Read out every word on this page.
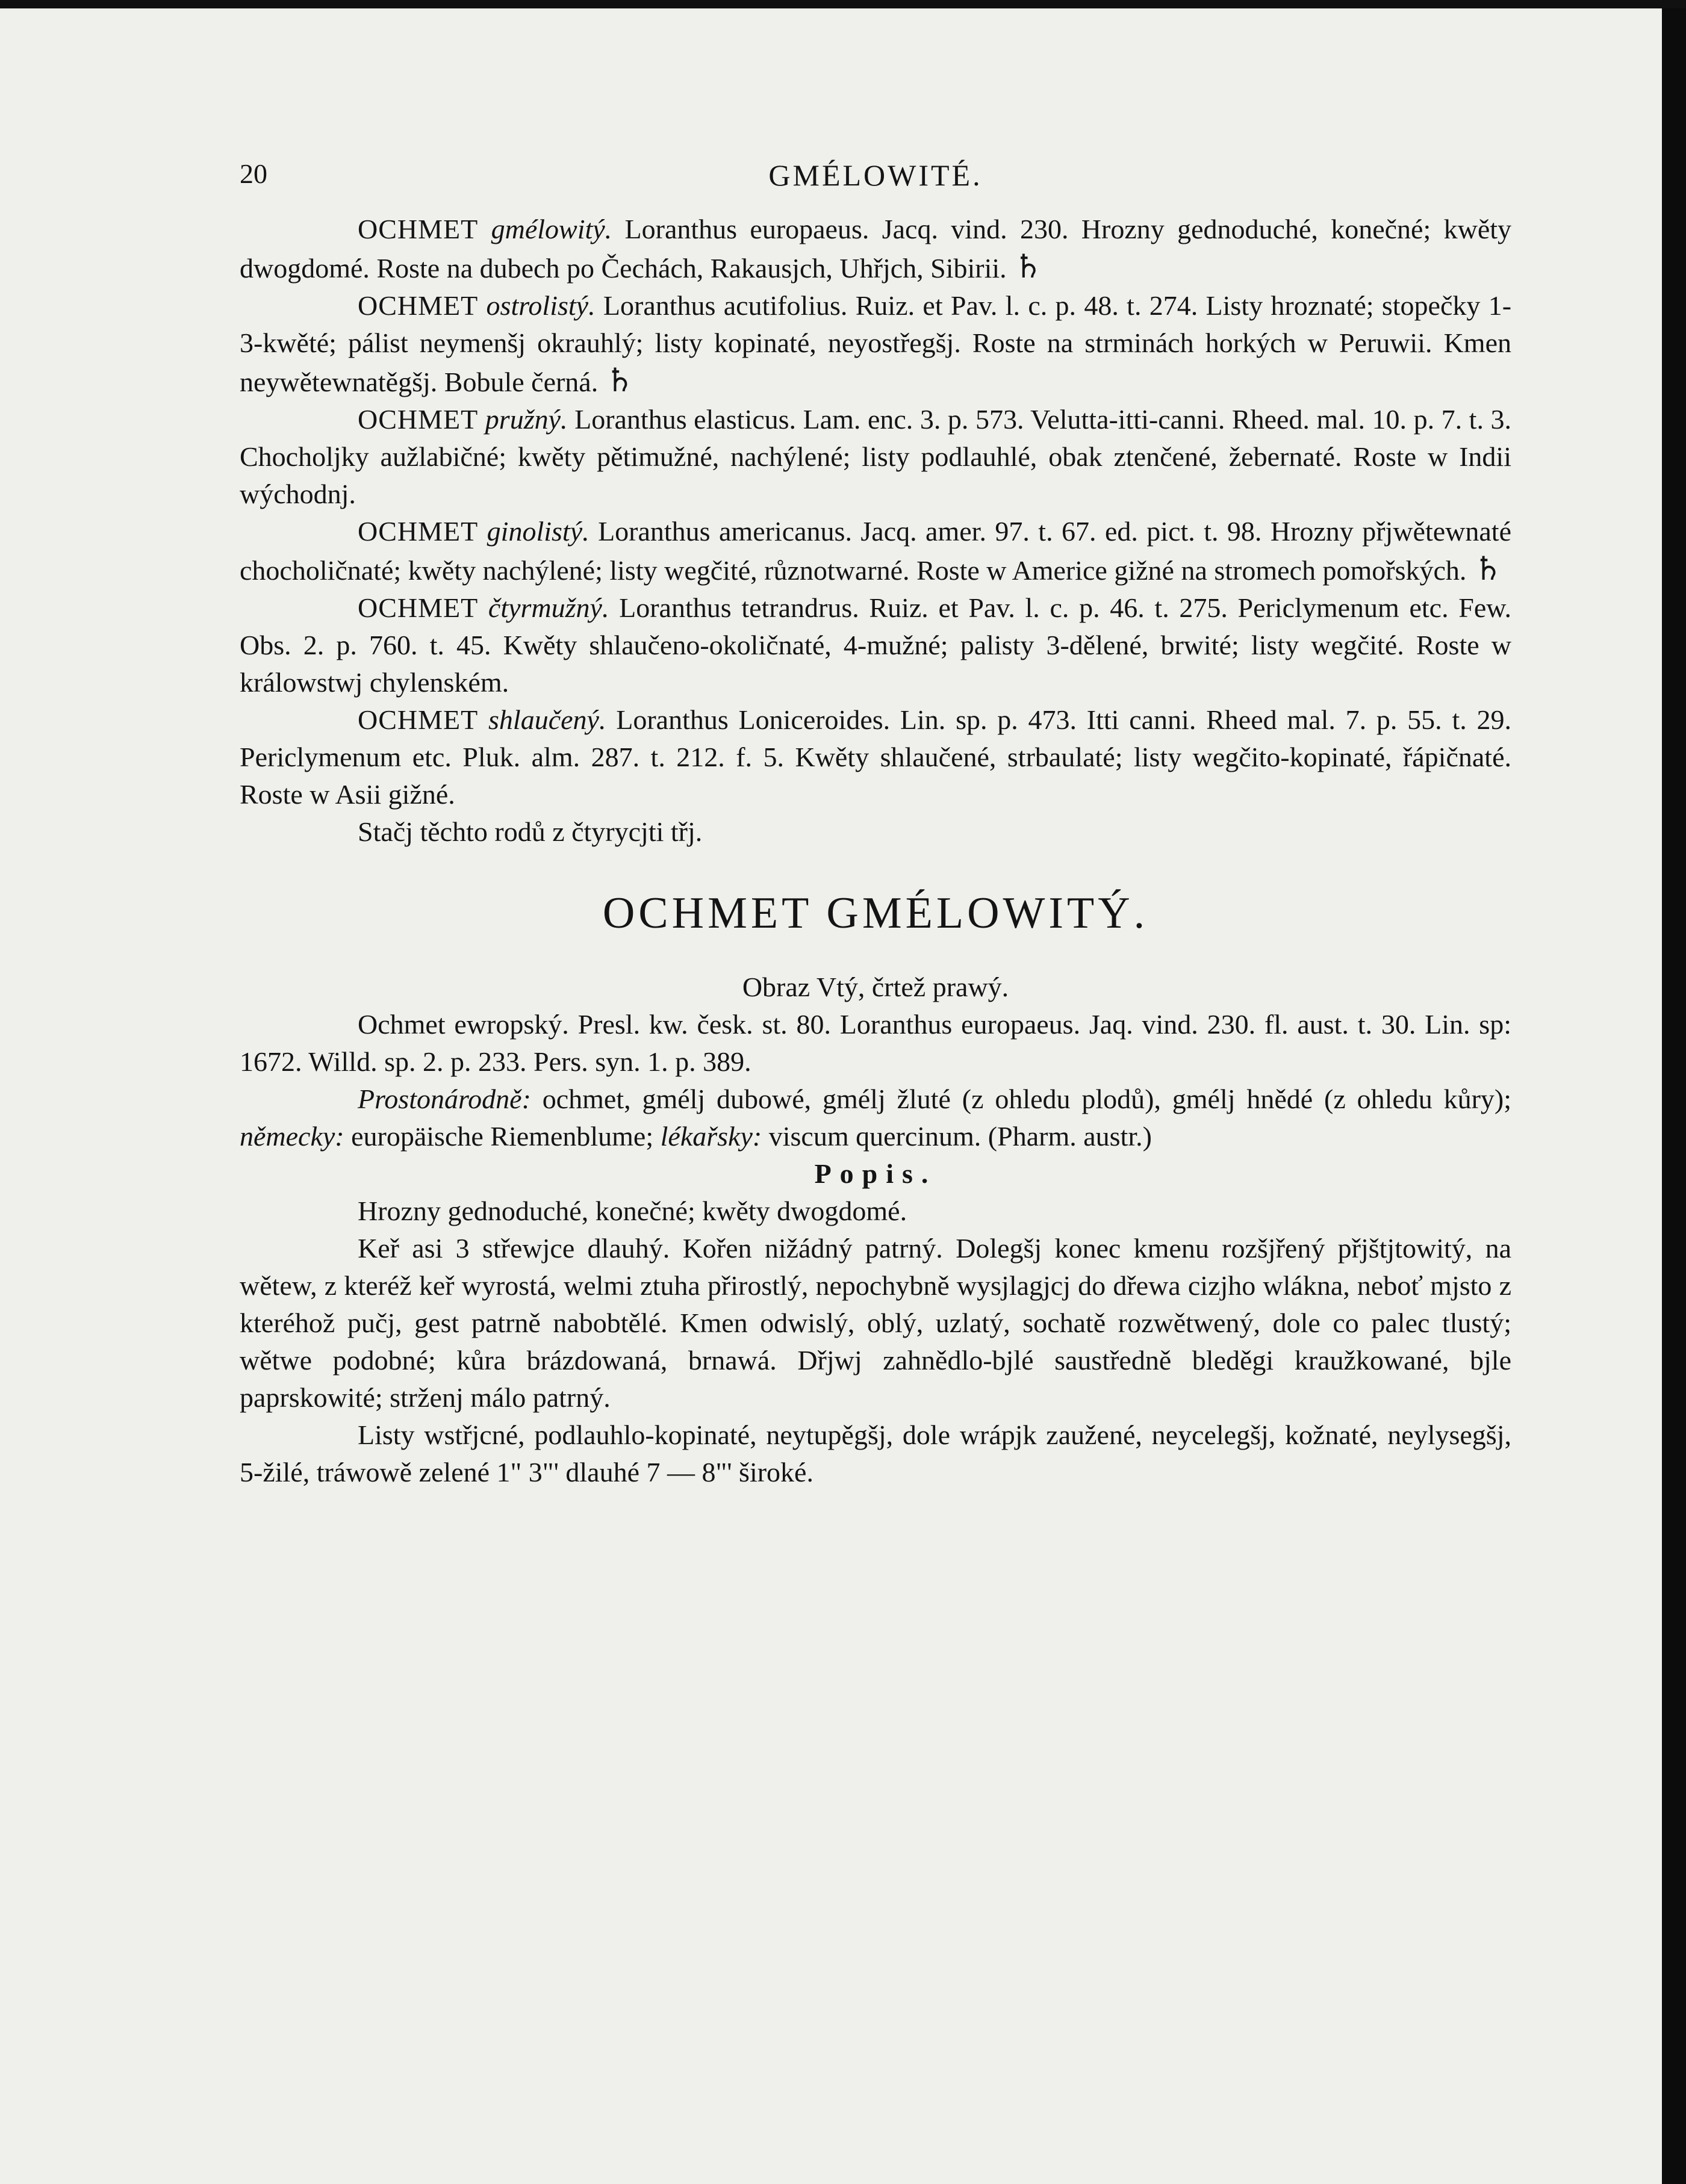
20	GMÉLOWITÉ.

OCHMET gmélowitý. Loranthus europaeus. Jacq. vind. 230. Hrozny gednoduché, konečné; kwěty dwogdomé. Roste na dubech po Čechách, Rakausjch, Uhřjch, Sibirii. ♄

OCHMET ostrolistý. Loranthus acutifolius. Ruiz. et Pav. l. c. p. 48. t. 274. Listy hroznaté; stopečky 1-3-kwěté; pálist neymenšj okrauhlý; listy kopinaté, neyostřegšj. Roste na strminách horkých w Peruwii. Kmen neywětewnatěgšj. Bobule černá. ♄

OCHMET pružný. Loranthus elasticus. Lam. enc. 3. p. 573. Velutta-itti-canni. Rheed. mal. 10. p. 7. t. 3. Chocholjky aužlabičné; kwěty pětimužné, nachýlené; listy podlauhlé, obak ztenčené, žebernaté. Roste w Indii wýchodnj.

OCHMET ginolistý. Loranthus americanus. Jacq. amer. 97. t. 67. ed. pict. t. 98. Hrozny přjwětewnaté chocholičnaté; kwěty nachýlené; listy wegčité, různotwarné. Roste w Americe gižné na stromech pomořských. ♄

OCHMET čtyrmužný. Loranthus tetrandrus. Ruiz. et Pav. l. c. p. 46. t. 275. Periclymenum etc. Few. Obs. 2. p. 760. t. 45. Kwěty shlaučeno-okoličnaté, 4-mužné; palisty 3-dělené, brwité; listy wegčité. Roste w králowstwj chylenském.

OCHMET shlaučený. Loranthus Loniceroides. Lin. sp. p. 473. Itti canni. Rheed mal. 7. p. 55. t. 29. Periclymenum etc. Pluk. alm. 287. t. 212. f. 5. Kwěty shlaučené, strbaulaté; listy wegčito-kopinaté, řápičnaté. Roste w Asii gižné.

Stačj těchto rodů z čtyrycjti třj.

OCHMET GMÉLOWITÝ.

Obraz Vtý, črtež prawý.

Ochmet ewropský. Presl. kw. česk. st. 80. Loranthus europaeus. Jaq. vind. 230. fl. aust. t. 30. Lin. sp: 1672. Willd. sp. 2. p. 233. Pers. syn. 1. p. 389.

Prostonárodně: ochmet, gmélj dubowé, gmélj žluté (z ohledu plodů), gmélj hnědé (z ohledu kůry); německy: europäische Riemenblume; lékařsky: viscum quercinum. (Pharm. austr.)

Popis.

Hrozny gednoduché, konečné; kwěty dwogdomé.

Keř asi 3 střewjce dlauhý. Kořen nižádný patrný. Dolegšj konec kmenu rozšjřený přjštjtowitý, na wětew, z kteréž keř wyrostá, welmi ztuha přirostlý, nepochybně wysjlagjcj do dřewa cizjho wlákna, neboť mjsto z kteréhož pučj, gest patrně nabobtělé. Kmen odwislý, oblý, uzlatý, sochatě rozwětwený, dole co palec tlustý; wětwe podobné; kůra brázdowaná, brnawá. Dřjwj zahnědlo-bjlé saustředně bleděgi kraužkowané, bjle paprskowité; strženj málo patrný.

Listy wstřjcné, podlauhlo-kopinaté, neytupěgšj, dole wrápjk zaužené, neycelegšj, kožnaté, neylysegšj, 5-žilé, tráwowě zelené 1" 3"' dlauhé 7 — 8"' široké.
